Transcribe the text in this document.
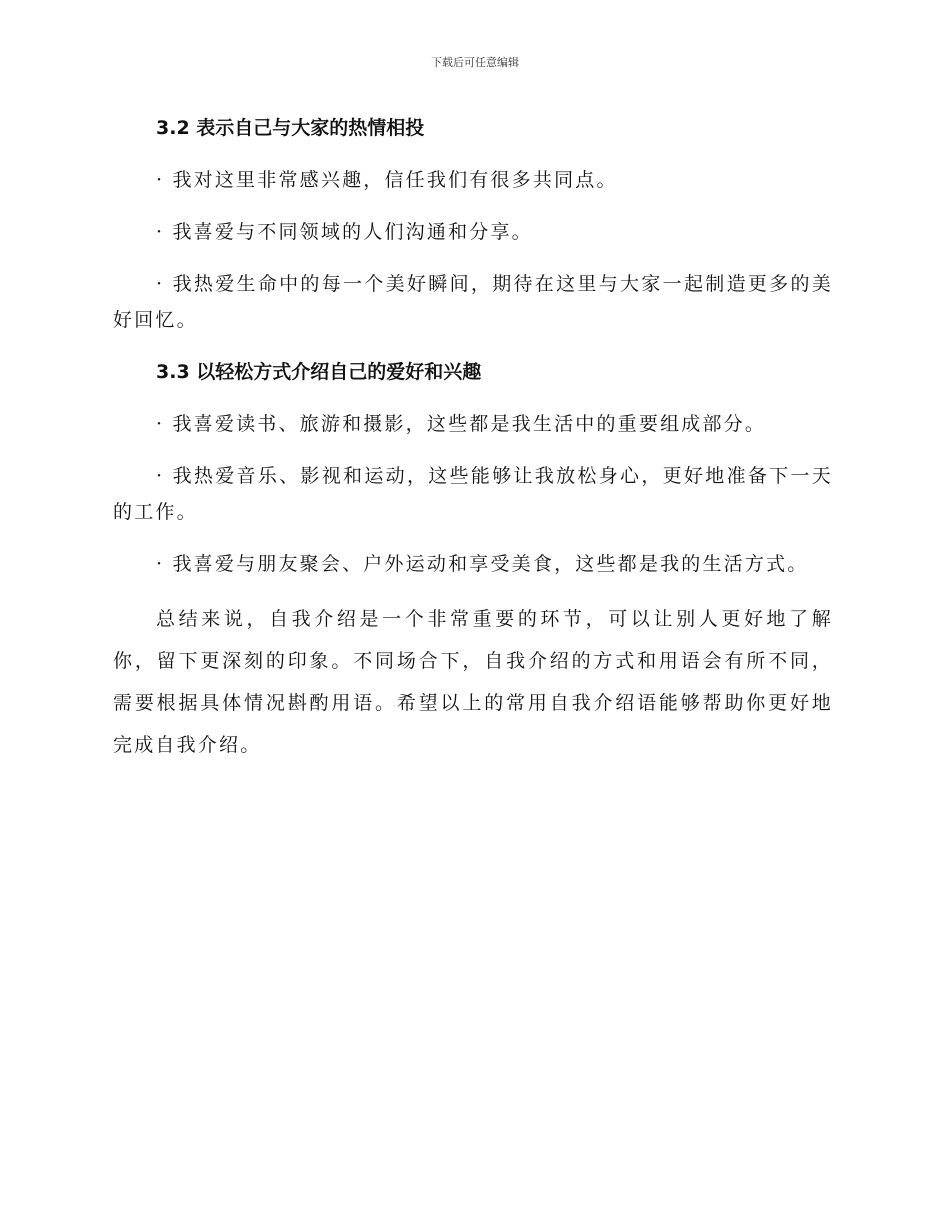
下载后可任意编辑
3.2 表示自己与大家的热情相投

· 我对这里非常感兴趣，信任我们有很多共同点。

· 我喜爱与不同领域的人们沟通和分享。

· 我热爱生命中的每一个美好瞬间，期待在这里与大家一起制造更多的美好回忆。

3.3 以轻松方式介绍自己的爱好和兴趣

· 我喜爱读书、旅游和摄影，这些都是我生活中的重要组成部分。

· 我热爱音乐、影视和运动，这些能够让我放松身心，更好地准备下一天的工作。

· 我喜爱与朋友聚会、户外运动和享受美食，这些都是我的生活方式。

总结来说，自我介绍是一个非常重要的环节，可以让别人更好地了解你，留下更深刻的印象。不同场合下，自我介绍的方式和用语会有所不同，需要根据具体情况斟酌用语。希望以上的常用自我介绍语能够帮助你更好地完成自我介绍。
